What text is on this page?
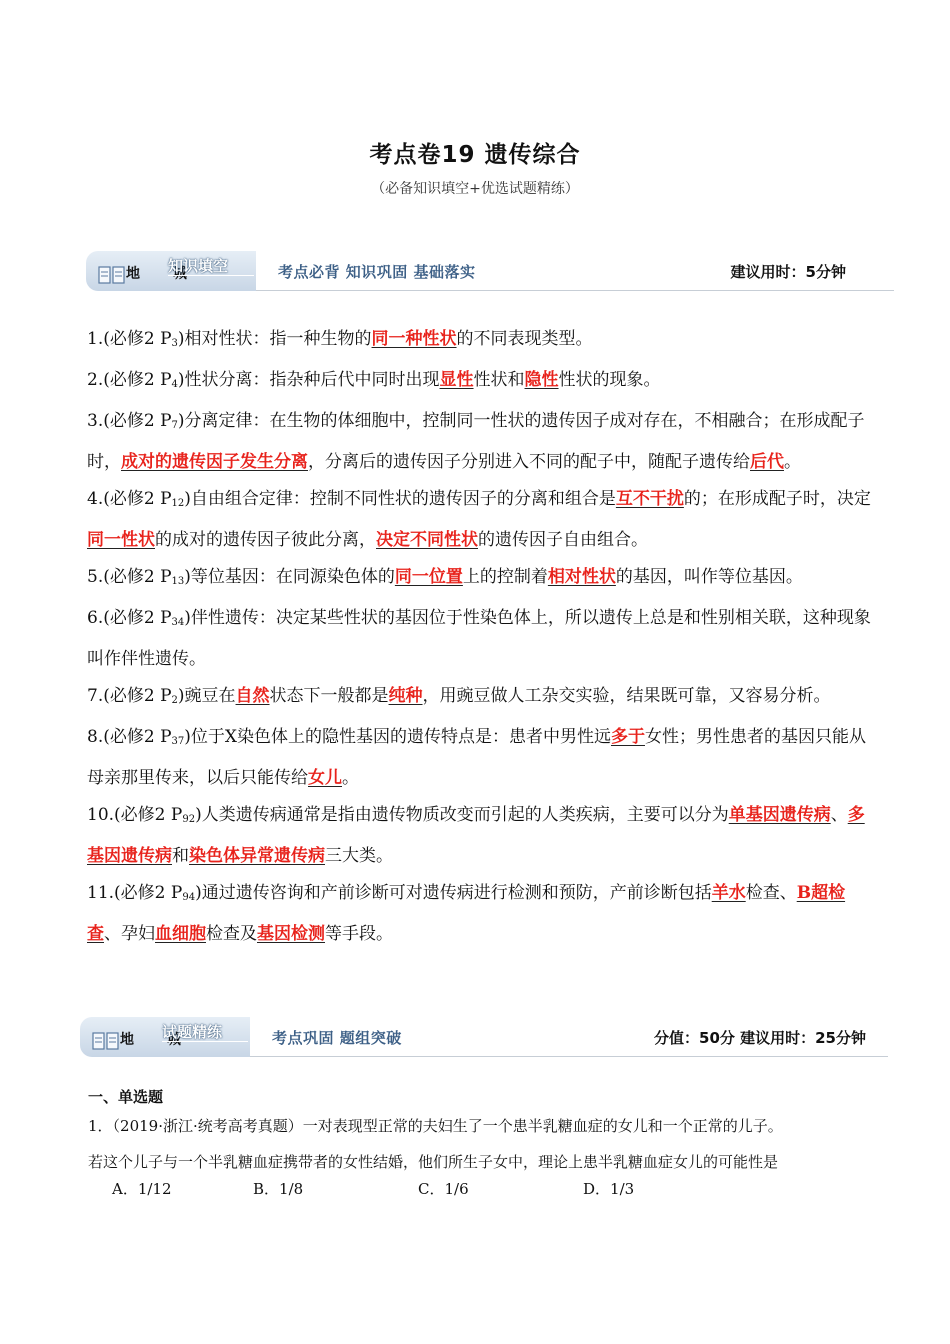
考点卷19 遗传综合
（必备知识填空+优选试题精练）
地 城
知识填空	考点必背 知识巩固 基础落实	建议用时：5分钟

1.(必修2 $P_3$)相对性状：指一种生物的同一种性状的不同表现类型。

2.(必修2 $P_4$)性状分离：指杂种后代中同时出现显性性状和隐性性状的现象。

3.(必修2 $P_7$)分离定律：在生物的体细胞中，控制同一性状的遗传因子成对存在，不相融合；在形成配子时，成对的遗传因子发生分离，分离后的遗传因子分别进入不同的配子中，随配子遗传给后代。

4.(必修2 $P_{12}$)自由组合定律：控制不同性状的遗传因子的分离和组合是互不干扰的；在形成配子时，决定同一性状的成对的遗传因子彼此分离，决定不同性状的遗传因子自由组合。

5.(必修2 $P_{13}$)等位基因：在同源染色体的同一位置上的控制着相对性状的基因，叫作等位基因。

6.(必修2 $P_{34}$)伴性遗传：决定某些性状的基因位于性染色体上，所以遗传上总是和性别相关联，这种现象叫作伴性遗传。

7.(必修2 $P_2$)豌豆在自然状态下一般都是纯种，用豌豆做人工杂交实验，结果既可靠，又容易分析。

8.(必修2 $P_{37}$)位于X染色体上的隐性基因的遗传特点是：患者中男性远多于女性；男性患者的基因只能从母亲那里传来，以后只能传给女儿。

10.(必修2 $P_{92}$)人类遗传病通常是指由遗传物质改变而引起的人类疾病，主要可以分为单基因遗传病、多基因遗传病和染色体异常遗传病三大类。

11.(必修2 $P_{94}$)通过遗传咨询和产前诊断可对遗传病进行检测和预防，产前诊断包括羊水检查、B超检查、孕妇血细胞检查及基因检测等手段。

地 城
试题精练	考点巩固 题组突破	分值：50分 建议用时：25分钟
一、单选题

1．（2019·浙江·统考高考真题）一对表现型正常的夫妇生了一个患半乳糖血症的女儿和一个正常的儿子。

若这个儿子与一个半乳糖血症携带者的女性结婚，他们所生子女中，理论上患半乳糖血症女儿的可能性是

A．1/12	B．1/8	C．1/6	D．1/3
